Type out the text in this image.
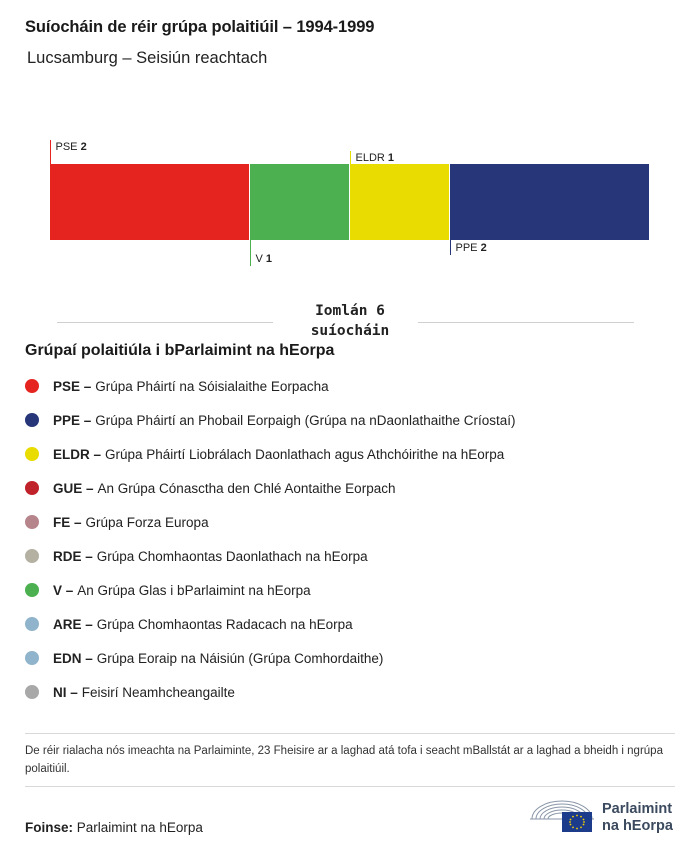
Suíocháin de réir grúpa polaitiúil – 1994-1999
Lucsamburg – Seisiún reachtach
PSE 2
V 1
ELDR 1
PPE 2
Iomlán 6 suíocháin
Grúpaí polaitiúla i bParlaimint na hEorpa
PSE – Grúpa Pháirtí na Sóisialaithe Eorpacha
PPE – Grúpa Pháirtí an Phobail Eorpaigh (Grúpa na nDaonlathaithe Críostaí)
ELDR – Grúpa Pháirtí Liobrálach Daonlathach agus Athchóirithe na hEorpa
GUE – An Grúpa Cónasctha den Chlé Aontaithe Eorpach
FE – Grúpa Forza Europa
RDE – Grúpa Chomhaontas Daonlathach na hEorpa
V – An Grúpa Glas i bParlaimint na hEorpa
ARE – Grúpa Chomhaontas Radacach na hEorpa
EDN – Grúpa Eoraip na Náisiún (Grúpa Comhordaithe)
NI – Feisirí Neamhcheangailte
De réir rialacha nós imeachta na Parlaiminte, 23 Fheisire ar a laghad atá tofa i seacht mBallstát ar a laghad a bheidh i ngrúpa polaitiúil.
Foinse: Parlaimint na hEorpa
Parlaimint
na hEorpa
